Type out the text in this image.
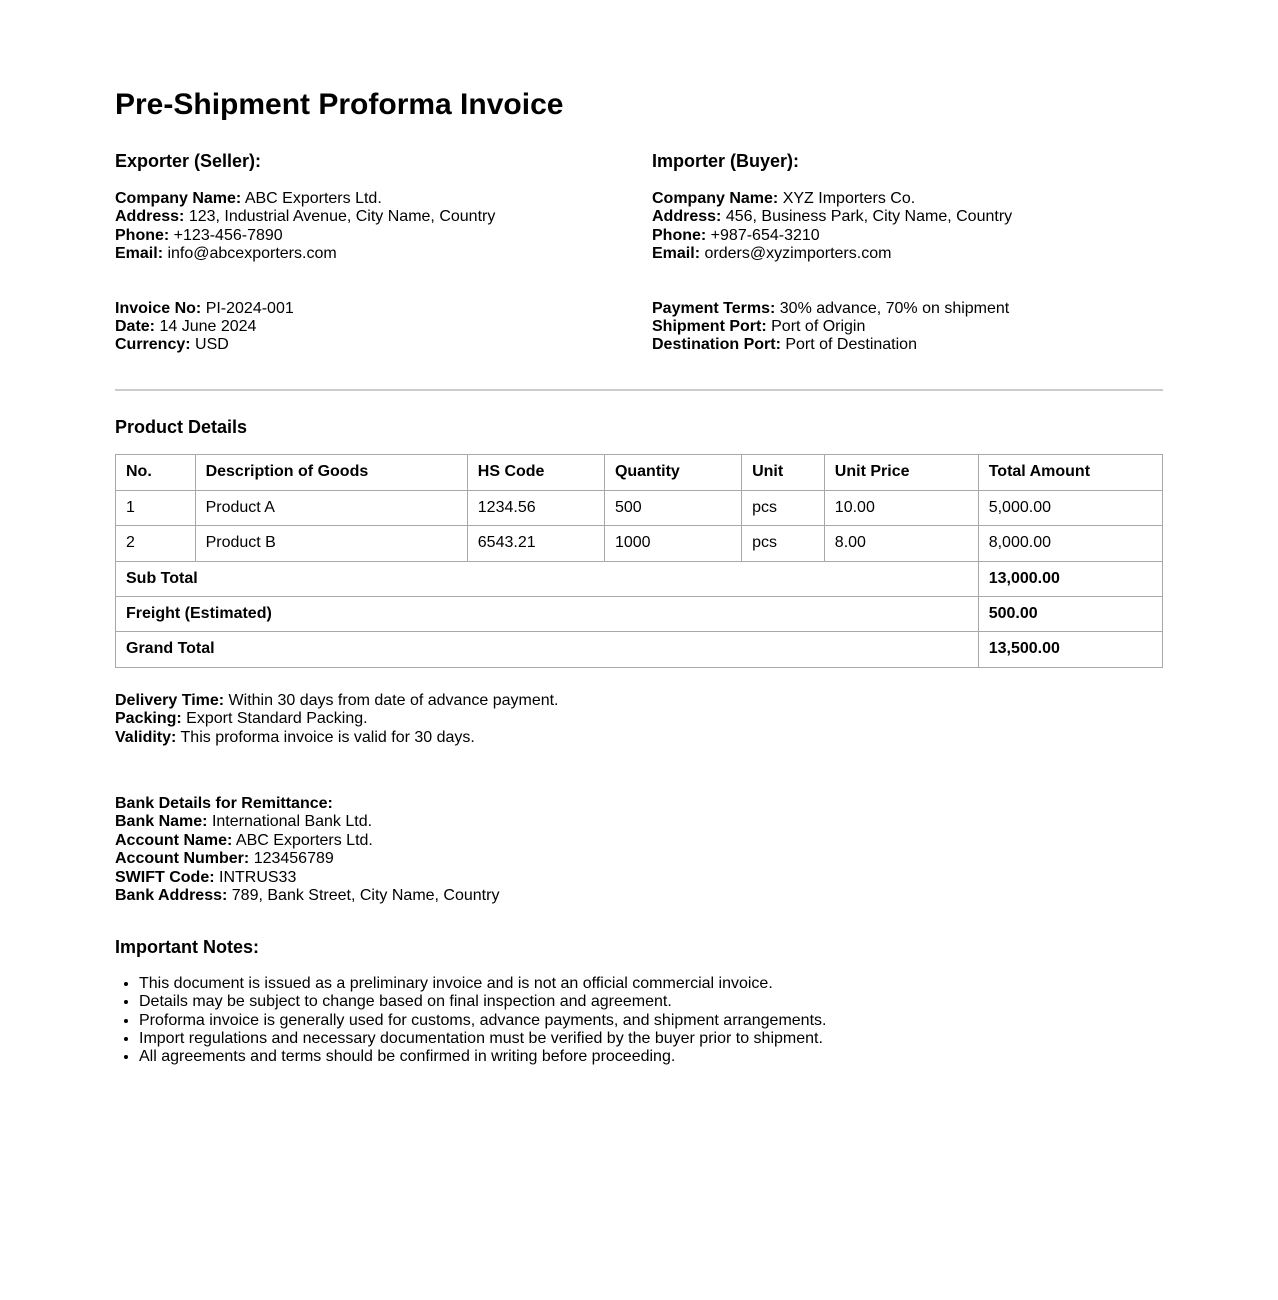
Pre-Shipment Proforma Invoice
Exporter (Seller):
Company Name: ABC Exporters Ltd.
Address: 123, Industrial Avenue, City Name, Country
Phone: +123-456-7890
Email: info@abcexporters.com
Invoice No: PI-2024-001
Date: 14 June 2024
Currency: USD
Importer (Buyer):
Company Name: XYZ Importers Co.
Address: 456, Business Park, City Name, Country
Phone: +987-654-3210
Email: orders@xyzimporters.com
Payment Terms: 30% advance, 70% on shipment
Shipment Port: Port of Origin
Destination Port: Port of Destination
Product Details
No.	Description of Goods	HS Code	Quantity	Unit	Unit Price	Total Amount
1	Product A	1234.56	500	pcs	10.00	5,000.00
2	Product B	6543.21	1000	pcs	8.00	8,000.00
Sub Total						13,000.00
Freight (Estimated)						500.00
Grand Total						13,500.00
Delivery Time: Within 30 days from date of advance payment.
Packing: Export Standard Packing.
Validity: This proforma invoice is valid for 30 days.
Bank Details for Remittance:
Bank Name: International Bank Ltd.
Account Name: ABC Exporters Ltd.
Account Number: 123456789
SWIFT Code: INTRUS33
Bank Address: 789, Bank Street, City Name, Country
Important Notes:
• This document is issued as a preliminary invoice and is not an official commercial invoice.
• Details may be subject to change based on final inspection and agreement.
• Proforma invoice is generally used for customs, advance payments, and shipment arrangements.
• Import regulations and necessary documentation must be verified by the buyer prior to shipment.
• All agreements and terms should be confirmed in writing before proceeding.
